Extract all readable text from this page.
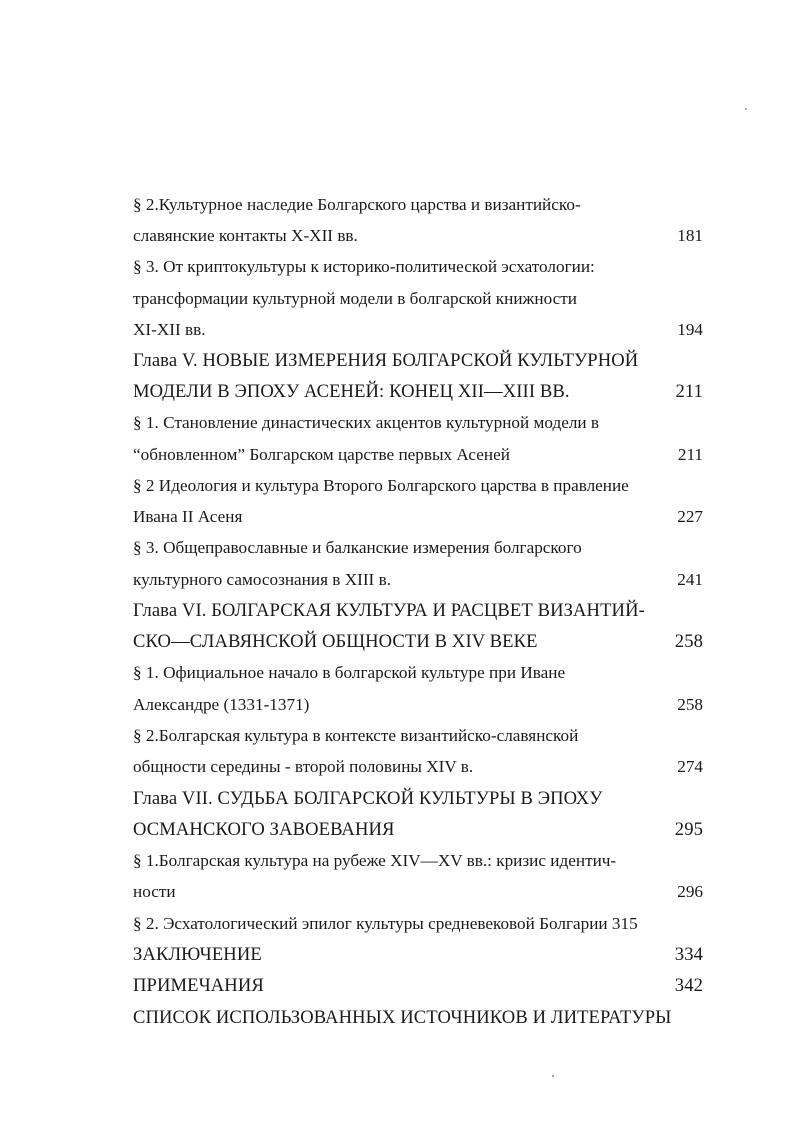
§ 2.Культурное наследие Болгарского царства и византийско-
славянские контакты X-XII вв.	181
§ 3. От криптокультуры к историко-политической эсхатологии:
трансформации культурной модели в болгарской книжности
XI-XII вв.	194
Глава V. НОВЫЕ ИЗМЕРЕНИЯ БОЛГАРСКОЙ КУЛЬТУРНОЙ
МОДЕЛИ В ЭПОХУ АСЕНЕЙ: КОНЕЦ XII—XIII ВВ.	211
§ 1. Становление династических акцентов культурной модели в
“обновленном” Болгарском царстве первых Асеней	211
§ 2 Идеология и культура Второго Болгарского царства в правление
Ивана II Асеня	227
§ 3. Общеправославные и балканские измерения болгарского
культурного самосознания в XIII в.	241
Глава VI. БОЛГАРСКАЯ КУЛЬТУРА И РАСЦВЕТ ВИЗАНТИЙ-
СКО—СЛАВЯНСКОЙ ОБЩНОСТИ В XIV ВЕКЕ	258
§ 1. Официальное начало в болгарской культуре при Иване
Александре (1331-1371)	258
§ 2.Болгарская культура в контексте византийско-славянской
общности середины - второй половины XIV в.	274
Глава VII. СУДЬБА БОЛГАРСКОЙ КУЛЬТУРЫ В ЭПОХУ
ОСМАНСКОГО ЗАВОЕВАНИЯ	295
§ 1.Болгарская культура на рубеже XIV—XV вв.: кризис идентич-
ности	296
§ 2. Эсхатологический эпилог культуры средневековой Болгарии 315
ЗАКЛЮЧЕНИЕ	334
ПРИМЕЧАНИЯ	342
СПИСОК ИСПОЛЬЗОВАННЫХ ИСТОЧНИКОВ И ЛИТЕРАТУРЫ
